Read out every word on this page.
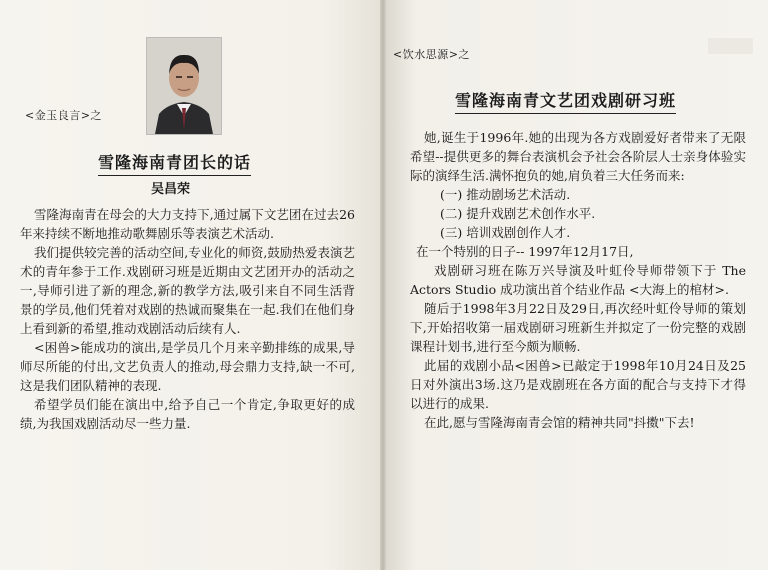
<金玉良言>之
雪隆海南青团长的话
吴昌荣

雪隆海南青在母会的大力支持下,通过属下文艺团在过去26年来持续不断地推动歌舞剧乐等表演艺术活动.

我们提供较完善的活动空间,专业化的师资,鼓励热爱表演艺术的青年参于工作.戏剧研习班是近期由文艺团开办的活动之一,导师引进了新的理念,新的教学方法,吸引来自不同生活背景的学员,他们凭着对戏剧的热诚而聚集在一起.我们在他们身上看到新的希望,推动戏剧活动后续有人.

<困兽>能成功的演出,是学员几个月来辛勤排练的成果,导师尽所能的付出,文艺负责人的推动,母会鼎力支持,缺一不可,这是我们团队精神的表现.

希望学员们能在演出中,给予自己一个肯定,争取更好的成绩,为我国戏剧活动尽一些力量.

<饮水思源>之
雪隆海南青文艺团戏剧研习班

她,诞生于1996年.她的出现为各方戏剧爱好者带来了无限希望--提供更多的舞台表演机会予社会各阶层人士亲身体验实际的演绎生活.满怀抱负的她,肩负着三大任务而来:

(一) 推动剧场艺术活动.

(二) 提升戏剧艺术创作水平.

(三) 培训戏剧创作人才.

在一个特别的日子-- 1997年12月17日,

戏剧研习班在陈万兴导演及叶虹伶导师带领下于 The Actors Studio 成功演出首个结业作品 <大海上的棺材>.

随后于1998年3月22日及29日,再次经叶虹伶导师的策划下,开始招收第一届戏剧研习班新生并拟定了一份完整的戏剧课程计划书,进行至今颇为顺畅.

此届的戏剧小品<困兽>已敲定于1998年10月24日及25日对外演出3场.这乃是戏剧班在各方面的配合与支持下才得以进行的成果.

在此,愿与雪隆海南青会馆的精神共同"抖擞"下去!
